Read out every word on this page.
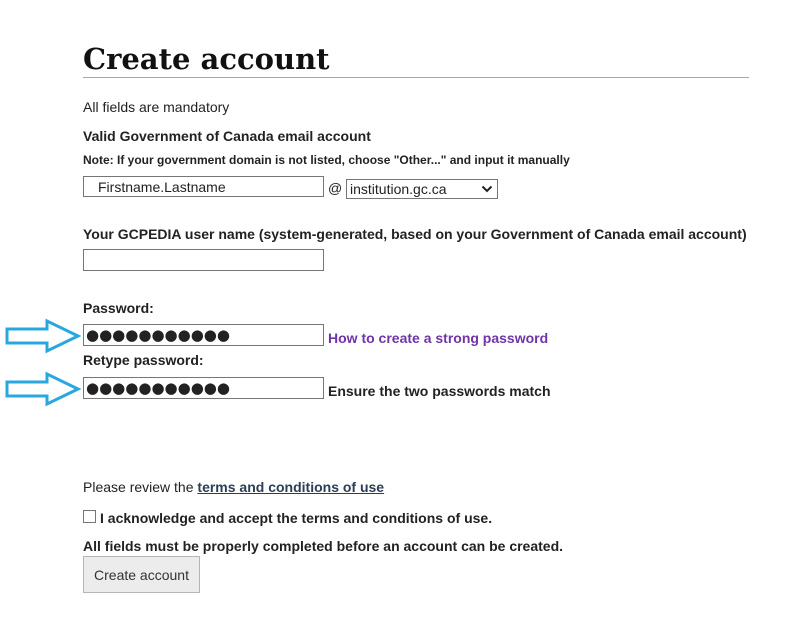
Create account
All fields are mandatory
Valid Government of Canada email account
Note: If your government domain is not listed, choose "Other..." and input it manually
Firstname.Lastname
@ institution.gc.ca
Your GCPEDIA user name (system-generated, based on your Government of Canada email account)
Password:
●●●●●●●●●●●
How to create a strong password
Retype password:
●●●●●●●●●●●
Ensure the two passwords match
Please review the terms and conditions of use
I acknowledge and accept the terms and conditions of use.
All fields must be properly completed before an account can be created.
Create account
